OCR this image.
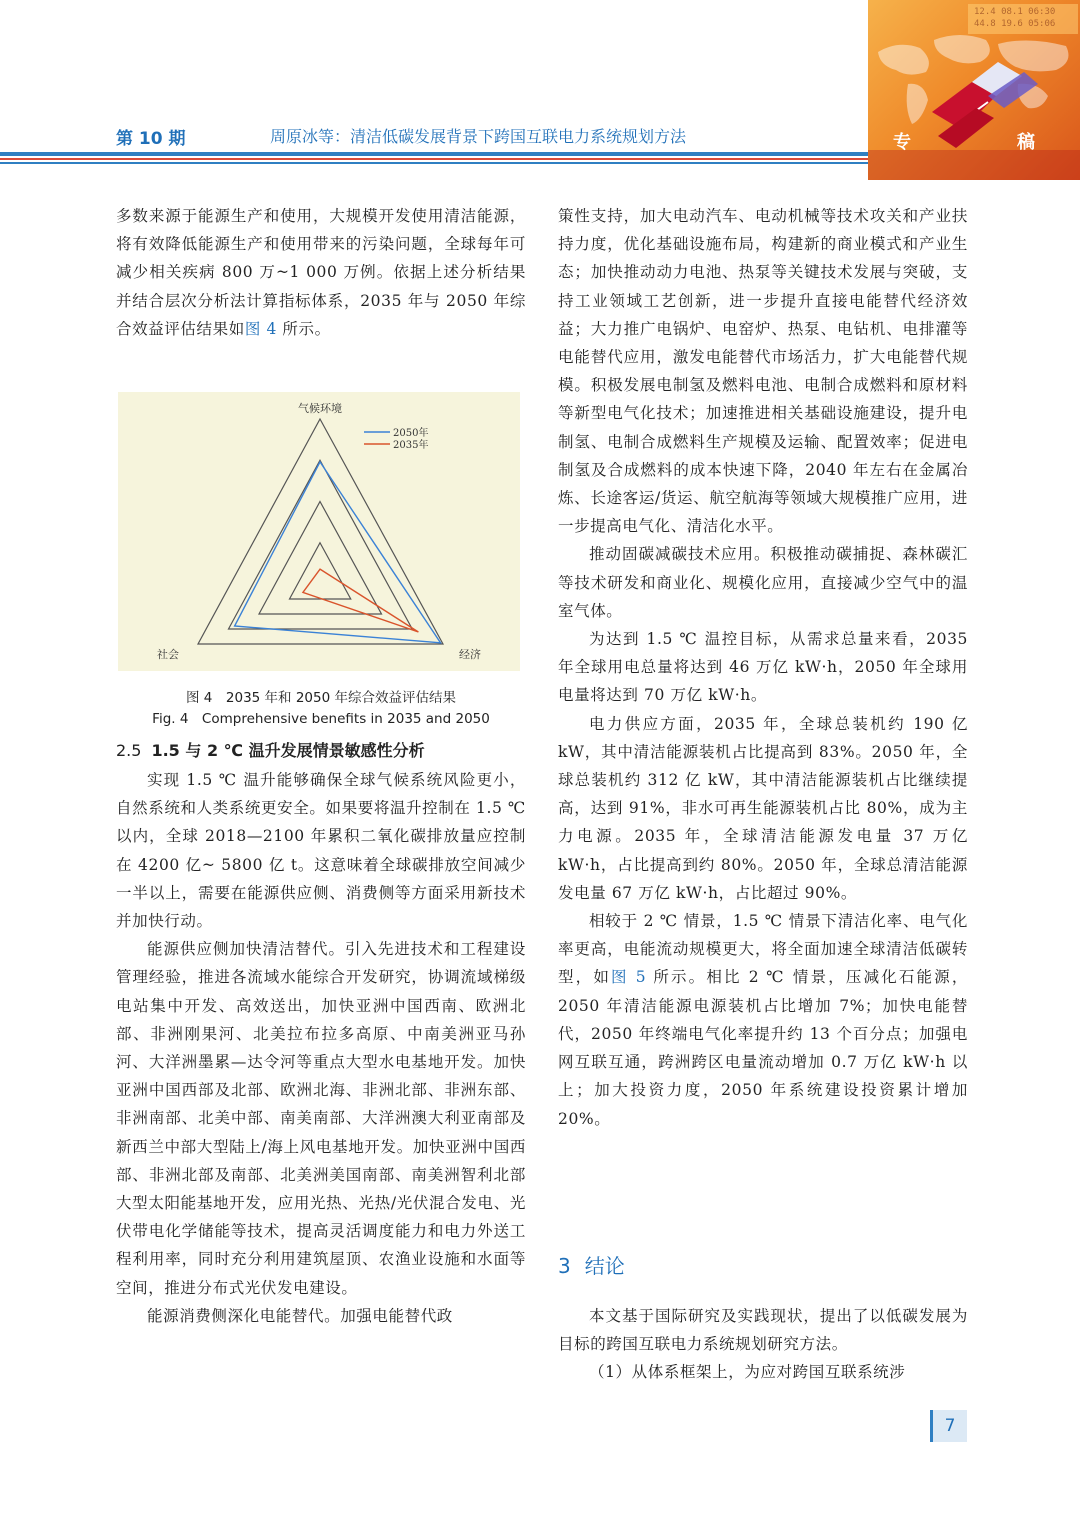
第 10 期	周原冰等：清洁低碳发展背景下跨国互联电力系统规划方法
12.4 08.1 06:30
44.8 19.6 05:06
专	稿

多数来源于能源生产和使用，大规模开发使用清洁能源，将有效降低能源生产和使用带来的污染问题，全球每年可减少相关疾病 800 万~1 000 万例。依据上述分析结果并结合层次分析法计算指标体系，2035 年与 2050 年综合效益评估结果如图 4 所示。

气候环境
经济
社会
2050年
2035年
图 4　2035 年和 2050 年综合效益评估结果
Fig. 4　Comprehensive benefits in 2035 and 2050
2.5 1.5 与 2 ℃ 温升发展情景敏感性分析

实现 1.5 ℃ 温升能够确保全球气候系统风险更小，自然系统和人类系统更安全。如果要将温升控制在 1.5 ℃ 以内，全球 2018—2100 年累积二氧化碳排放量应控制在 4200 亿~ 5800 亿 t。这意味着全球碳排放空间减少一半以上，需要在能源供应侧、消费侧等方面采用新技术并加快行动。

能源供应侧加快清洁替代。引入先进技术和工程建设管理经验，推进各流域水能综合开发研究，协调流域梯级电站集中开发、高效送出，加快亚洲中国西南、欧洲北部、非洲刚果河、北美拉布拉多高原、中南美洲亚马孙河、大洋洲墨累—达令河等重点大型水电基地开发。加快亚洲中国西部及北部、欧洲北海、非洲北部、非洲东部、非洲南部、北美中部、南美南部、大洋洲澳大利亚南部及新西兰中部大型陆上/海上风电基地开发。加快亚洲中国西部、非洲北部及南部、北美洲美国南部、南美洲智利北部大型太阳能基地开发，应用光热、光热/光伏混合发电、光伏带电化学储能等技术，提高灵活调度能力和电力外送工程利用率，同时充分利用建筑屋顶、农渔业设施和水面等空间，推进分布式光伏发电建设。

能源消费侧深化电能替代。加强电能替代政

策性支持，加大电动汽车、电动机械等技术攻关和产业扶持力度，优化基础设施布局，构建新的商业模式和产业生态；加快推动动力电池、热泵等关键技术发展与突破，支持工业领域工艺创新，进一步提升直接电能替代经济效益；大力推广电锅炉、电窑炉、热泵、电钻机、电排灌等电能替代应用，激发电能替代市场活力，扩大电能替代规模。积极发展电制氢及燃料电池、电制合成燃料和原材料等新型电气化技术；加速推进相关基础设施建设，提升电制氢、电制合成燃料生产规模及运输、配置效率；促进电制氢及合成燃料的成本快速下降，2040 年左右在金属冶炼、长途客运/货运、航空航海等领域大规模推广应用，进一步提高电气化、清洁化水平。

推动固碳减碳技术应用。积极推动碳捕捉、森林碳汇等技术研发和商业化、规模化应用，直接减少空气中的温室气体。

为达到 1.5 ℃ 温控目标，从需求总量来看，2035 年全球用电总量将达到 46 万亿 kW·h，2050 年全球用电量将达到 70 万亿 kW·h。

电力供应方面，2035 年，全球总装机约 190 亿 kW，其中清洁能源装机占比提高到 83%。2050 年，全球总装机约 312 亿 kW，其中清洁能源装机占比继续提高，达到 91%，非水可再生能源装机占比 80%，成为主力电源。2035 年，全球清洁能源发电量 37 万亿 kW·h，占比提高到约 80%。2050 年，全球总清洁能源发电量 67 万亿 kW·h，占比超过 90%。

相较于 2 ℃ 情景，1.5 ℃ 情景下清洁化率、电气化率更高，电能流动规模更大，将全面加速全球清洁低碳转型，如图 5 所示。相比 2 ℃ 情景，压减化石能源，2050 年清洁能源电源装机占比增加 7%；加快电能替代，2050 年终端电气化率提升约 13 个百分点；加强电网互联互通，跨洲跨区电量流动增加 0.7 万亿 kW·h 以上；加大投资力度，2050 年系统建设投资累计增加 20%。

3 结论

本文基于国际研究及实践现状，提出了以低碳发展为目标的跨国互联电力系统规划研究方法。

（1）从体系框架上，为应对跨国互联系统涉

7
